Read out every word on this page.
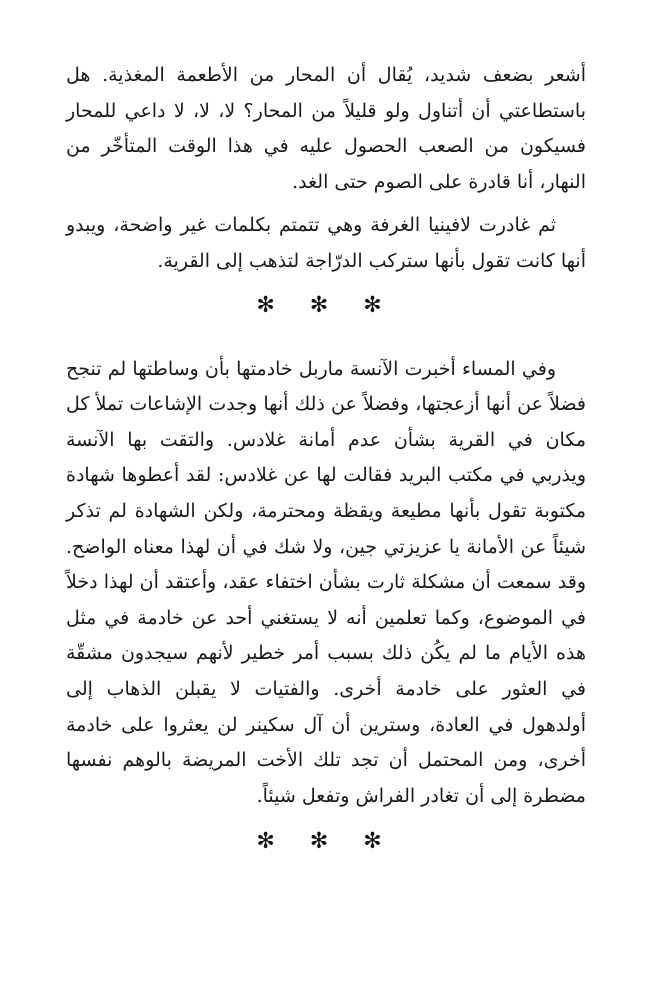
أشعر بضعف شديد، يُقال أن المحار من الأطعمة المغذية. هل باستطاعتي أن أتناول ولو قليلاً من المحار؟ لا، لا، لا داعي للمحار فسيكون من الصعب الحصول عليه في هذا الوقت المتأخّر من النهار، أنا قادرة على الصوم حتى الغد.

ثم غادرت لافينيا الغرفة وهي تتمتم بكلمات غير واضحة، ويبدو أنها كانت تقول بأنها ستركب الدرّاجة لتذهب إلى القرية.

✻ ✻ ✻

وفي المساء أخبرت الآنسة ماربل خادمتها بأن وساطتها لم تنجح فضلاً عن أنها أزعجتها، وفضلاً عن ذلك أنها وجدت الإشاعات تملأ كل مكان في القرية بشأن عدم أمانة غلادس. والتقت بها الآنسة ويذربي في مكتب البريد فقالت لها عن غلادس: لقد أعطوها شهادة مكتوبة تقول بأنها مطيعة ويقظة ومحترمة، ولكن الشهادة لم تذكر شيئاً عن الأمانة يا عزيزتي جين، ولا شك في أن لهذا معناه الواضح. وقد سمعت أن مشكلة ثارت بشأن اختفاء عقد، وأعتقد أن لهذا دخلاً في الموضوع، وكما تعلمين أنه لا يستغني أحد عن خادمة في مثل هذه الأيام ما لم يكُن ذلك بسبب أمر خطير لأنهم سيجدون مشقّة في العثور على خادمة أخرى. والفتيات لا يقبلن الذهاب إلى أولدهول في العادة، وسترين أن آل سكينر لن يعثروا على خادمة أخرى، ومن المحتمل أن تجد تلك الأخت المريضة بالوهم نفسها مضطرة إلى أن تغادر الفراش وتفعل شيئاً.

✻ ✻ ✻
